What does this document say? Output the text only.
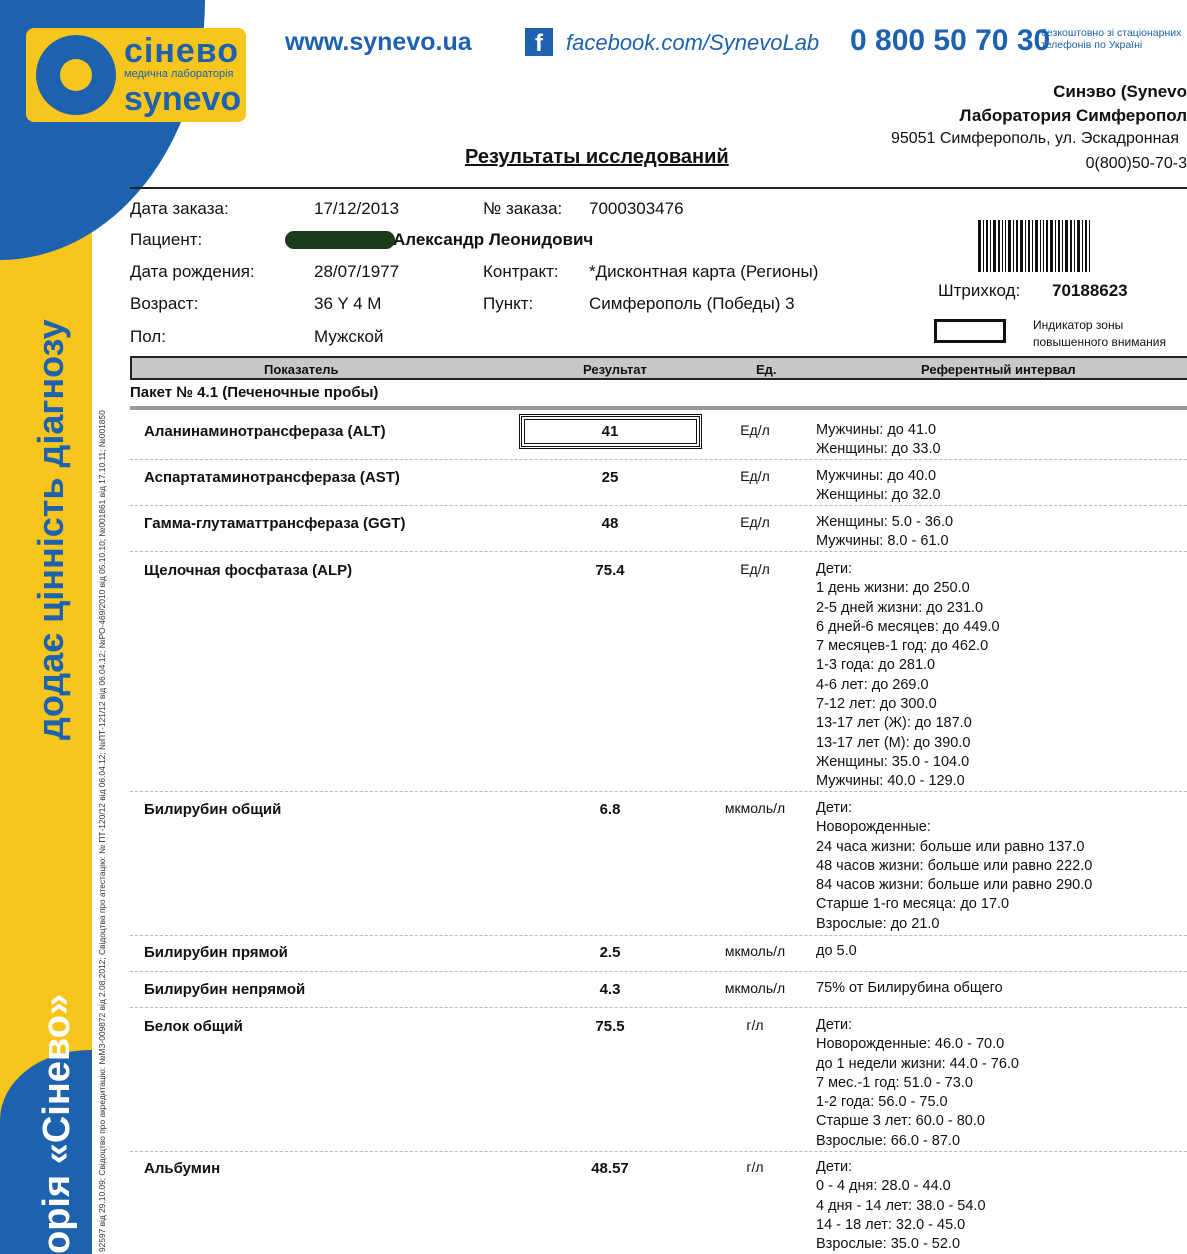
додає цінність діагнозу
орія «Сінево» 92597 від 29.10.09; Свідоцтво про акредитацію: №МЗ-009872 від 2.08.2012; Свідоцтва про атестацію: № ПТ-120/12 від 06.04.12; №ПТ-121/12 від 06.04.12; №РО-469/2010 від 05.10.10; №001861 від 17.10.11; №001850
сiнево
медична лабораторія
synevo
www.synevo.ua	f	facebook.com/SynevoLab 0 800 50 70 30
безкоштовно зі стаціонарних телефонів по Україні
Синэво (Synevo
Лаборатория Симферопол
95051 Симферополь, ул. Эскадронная
0(800)50-70-3
Результаты исследований
Дата заказа:	17/12/2013	№ заказа: 7000303476
Пациент:	Александр Леонидович
Дата рождения:	28/07/1977	Контракт: *Дисконтная карта (Регионы)
Возраст:	36 Y 4 M	Пункт:	Симферополь (Победы) 3
Пол:	Мужской
Штрихкод: 70188623
Индикатор зоны повышенного внимания
Показатель	Результат	Ед.	Референтный интервал
Пакет № 4.1 (Печеночные пробы)
Аланинаминотрансфераза (ALT)	41	Ед/л	Мужчины: до 41.0
Женщины: до 33.0
Аспартатаминотрансфераза (AST)	25	Ед/л	Мужчины: до 40.0
Женщины: до 32.0
Гамма-глутаматтрансфераза (GGT)	48	Ед/л	Женщины: 5.0 - 36.0
Мужчины: 8.0 - 61.0
Щелочная фосфатаза (ALP)	75.4	Ед/л	Дети:
1 день жизни: до 250.0
2-5 дней жизни: до 231.0
6 дней-6 месяцев: до 449.0
7 месяцев-1 год: до 462.0
1-3 года: до 281.0
4-6 лет: до 269.0
7-12 лет: до 300.0
13-17 лет (Ж): до 187.0
13-17 лет (М): до 390.0
Женщины: 35.0 - 104.0
Мужчины: 40.0 - 129.0
Билирубин общий	6.8	мкмоль/л	Дети:
Новорожденные:
24 часа жизни: больше или равно 137.0
48 часов жизни: больше или равно 222.0
84 часов жизни: больше или равно 290.0
Старше 1-го месяца: до 17.0
Взрослые: до 21.0
Билирубин прямой	2.5	мкмоль/л	до 5.0
Билирубин непрямой	4.3	мкмоль/л	75% от Билирубина общего
Белок общий	75.5	г/л	Дети:
Новорожденные: 46.0 - 70.0
до 1 недели жизни: 44.0 - 76.0
7 мес.-1 год: 51.0 - 73.0
1-2 года: 56.0 - 75.0
Старше 3 лет: 60.0 - 80.0
Взрослые: 66.0 - 87.0
Альбумин	48.57	г/л	Дети:
0 - 4 дня: 28.0 - 44.0
4 дня - 14 лет: 38.0 - 54.0
14 - 18 лет: 32.0 - 45.0
Взрослые: 35.0 - 52.0
